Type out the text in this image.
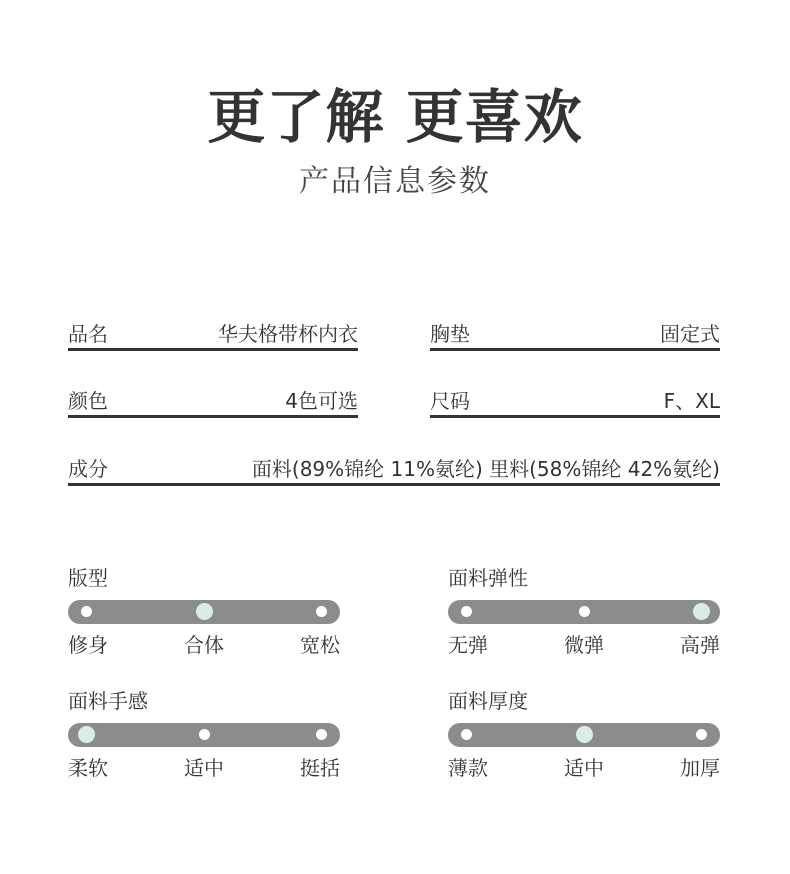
更了解 更喜欢
产品信息参数
品名	华夫格带杯内衣	胸垫	固定式
颜色	4色可选	尺码	F、XL
成分	面料(89%锦纶 11%氨纶) 里料(58%锦纶 42%氨纶)
版型
修身	合体	宽松
面料弹性
无弹	微弹	高弹
面料手感
柔软	适中	挺括
面料厚度
薄款	适中	加厚
